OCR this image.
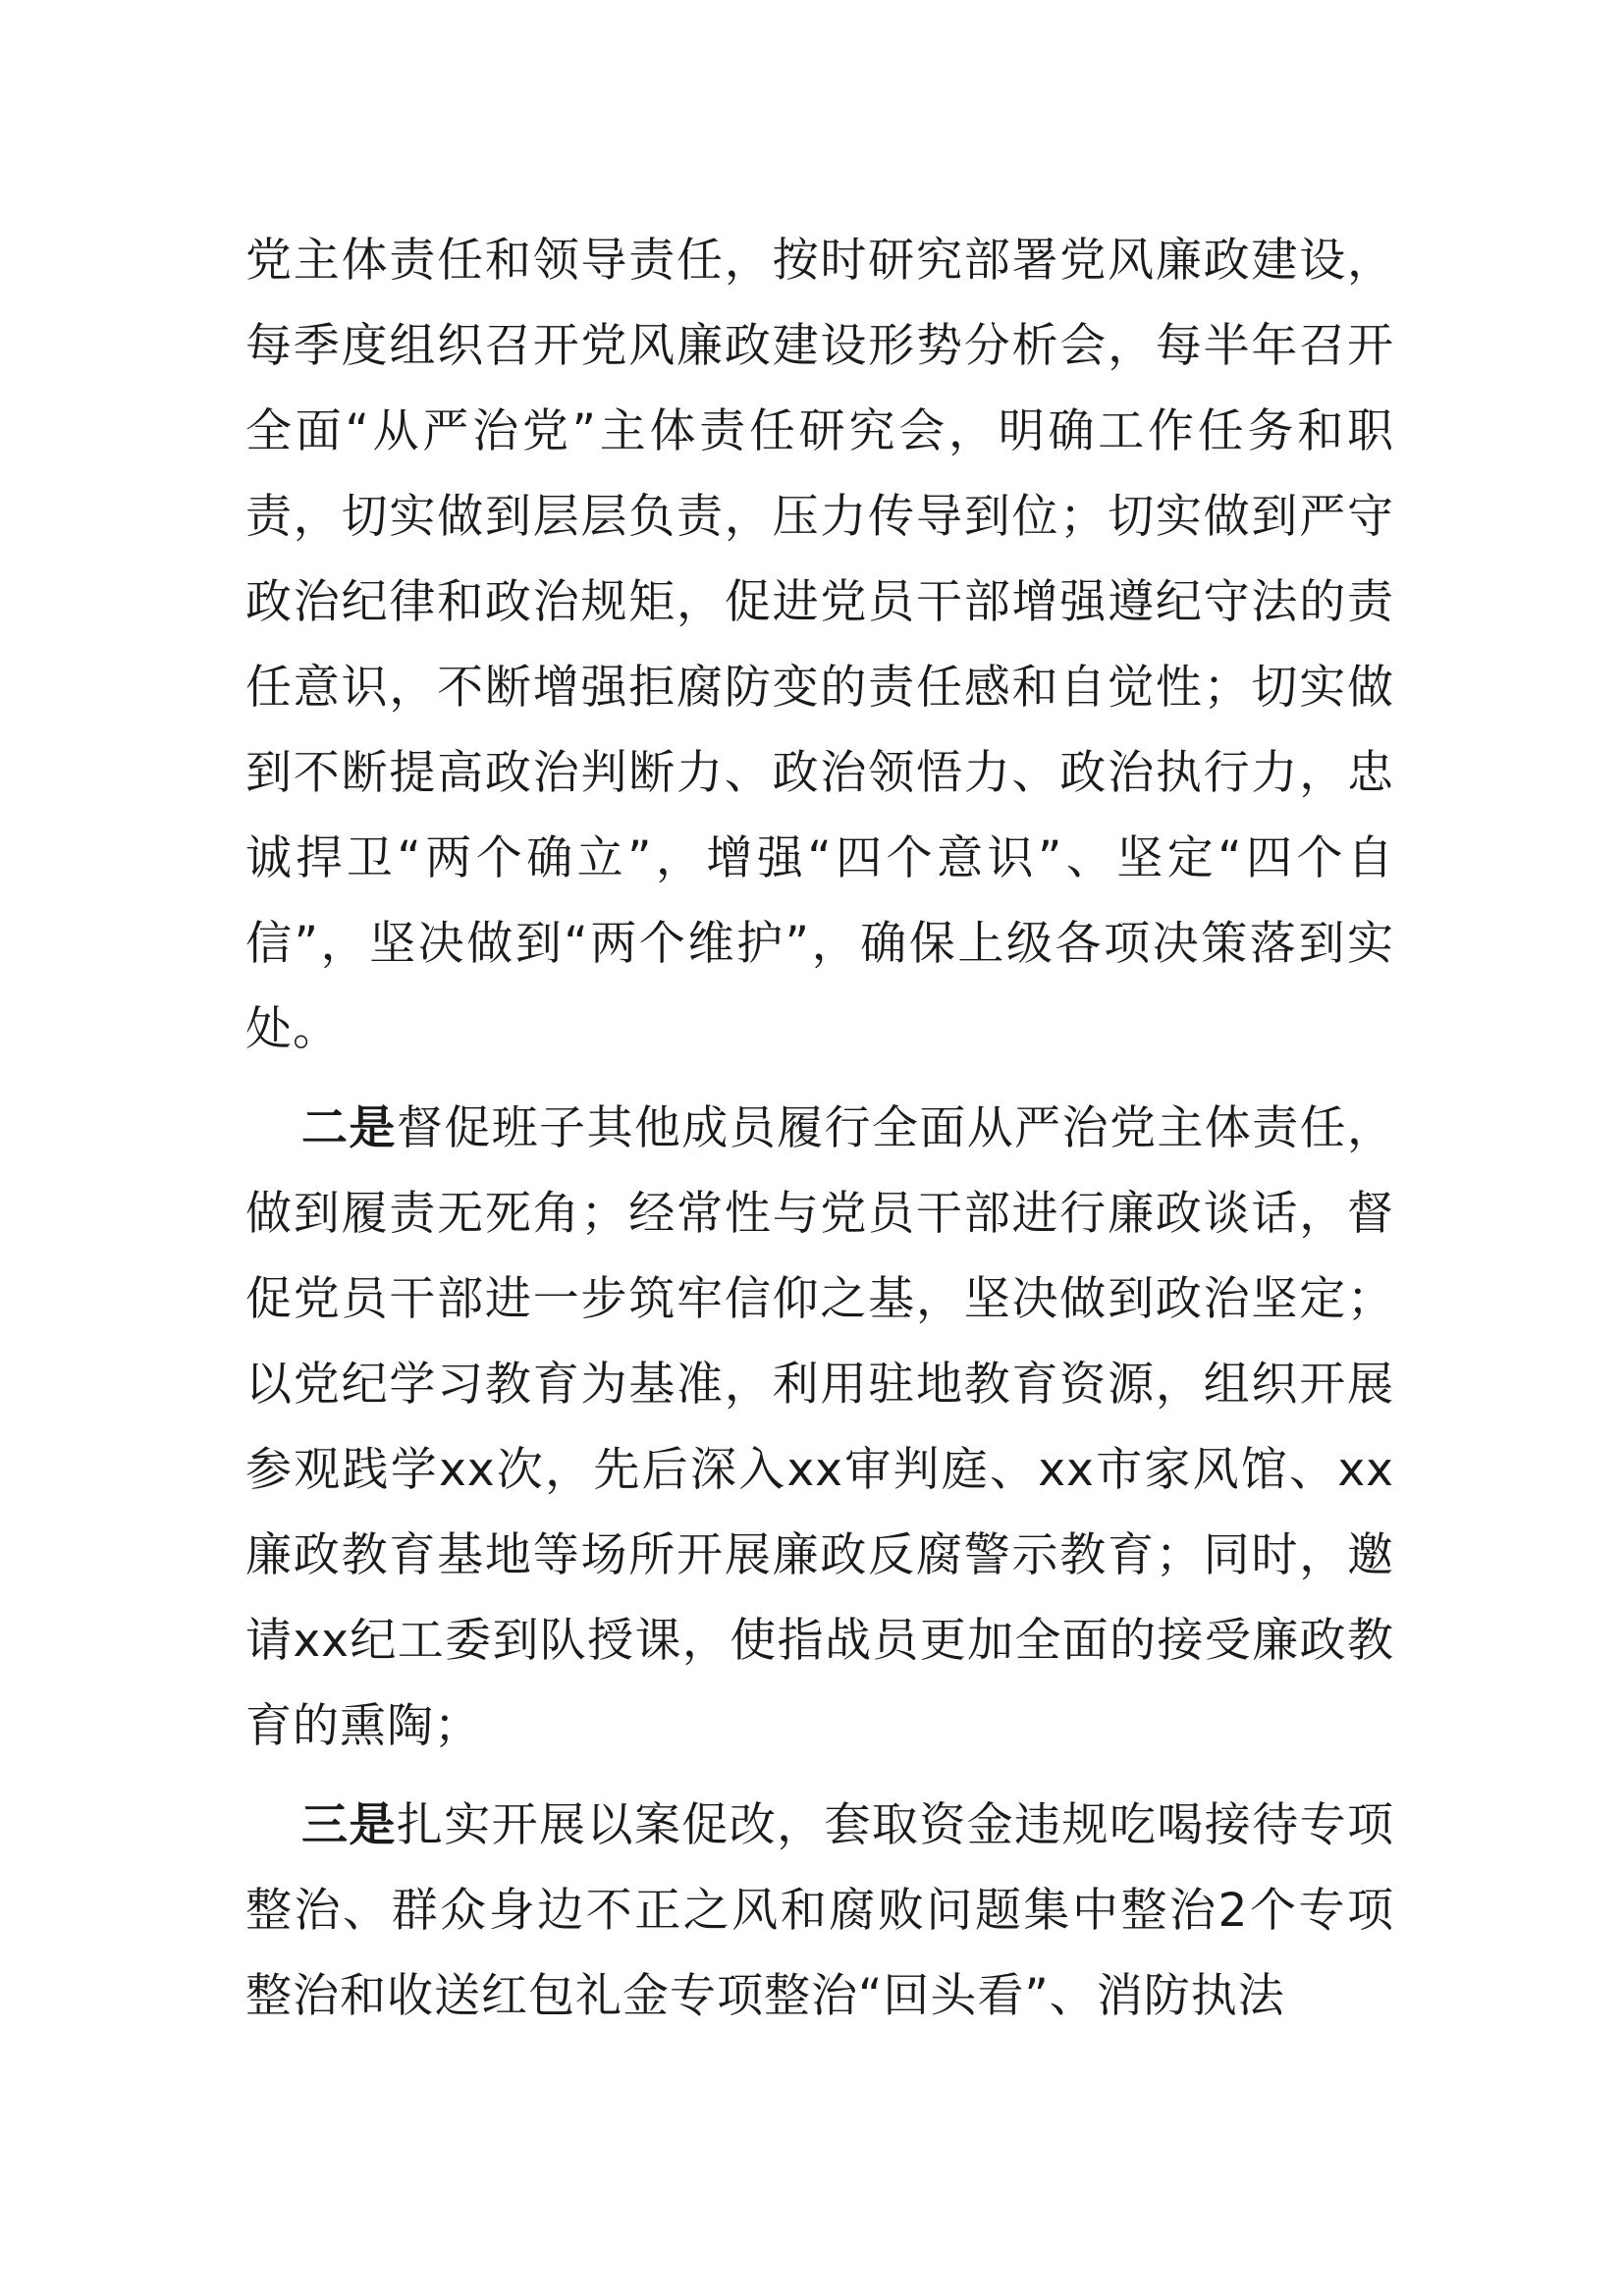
党主体责任和领导责任，按时研究部署党风廉政建设，每季度组织召开党风廉政建设形势分析会，每半年召开全面“从严治党”主体责任研究会，明确工作任务和职责，切实做到层层负责，压力传导到位；切实做到严守政治纪律和政治规矩，促进党员干部增强遵纪守法的责任意识，不断增强拒腐防变的责任感和自觉性；切实做到不断提高政治判断力、政治领悟力、政治执行力，忠诚捍卫“两个确立”，增强“四个意识”、坚定“四个自信”，坚决做到“两个维护”，确保上级各项决策落到实处。

二是督促班子其他成员履行全面从严治党主体责任，做到履责无死角；经常性与党员干部进行廉政谈话，督促党员干部进一步筑牢信仰之基，坚决做到政治坚定；以党纪学习教育为基准，利用驻地教育资源，组织开展参观践学xx次，先后深入xx审判庭、xx市家风馆、xx廉政教育基地等场所开展廉政反腐警示教育；同时，邀请xx纪工委到队授课，使指战员更加全面的接受廉政教育的熏陶；

三是扎实开展以案促改，套取资金违规吃喝接待专项整治、群众身边不正之风和腐败问题集中整治2个专项整治和收送红包礼金专项整治“回头看”、消防执法
